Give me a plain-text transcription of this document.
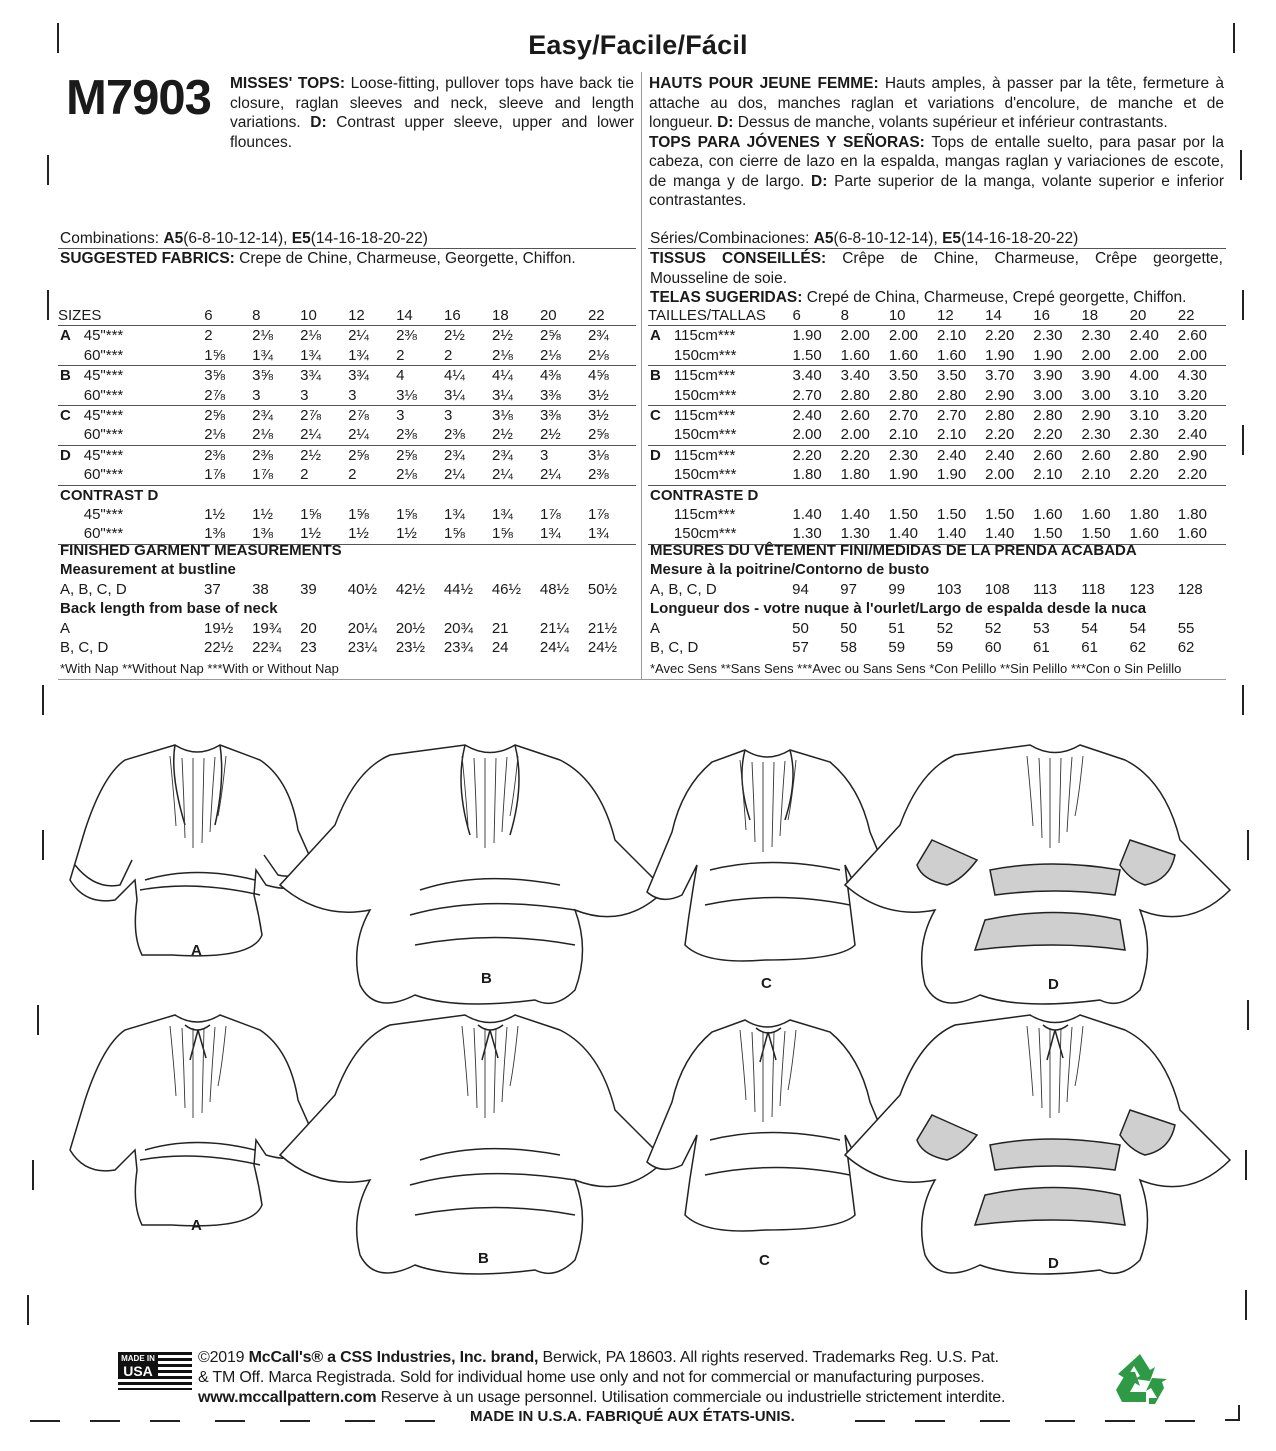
Easy/Facile/Fácil
M7903 MISSES' TOPS: Loose-fitting, pullover tops have back tie closure, raglan sleeves and neck, sleeve and length variations. D: Contrast upper sleeve, upper and lower flounces.
HAUTS POUR JEUNE FEMME: Hauts amples, à passer par la tête, fermeture à attache au dos, manches raglan et variations d'encolure, de manche et de longueur. D: Dessus de manche, volants supérieur et inférieur contrastants.
TOPS PARA JÓVENES Y SEÑORAS: Tops de entalle suelto, para pasar por la cabeza, con cierre de lazo en la espalda, mangas raglan y variaciones de escote, de manga y de largo. D: Parte superior de la manga, volante superior e inferior contrastantes.
Combinations: A5(6-8-10-12-14), E5(14-16-18-20-22)
SUGGESTED FABRICS: Crepe de Chine, Charmeuse, Georgette, Chiffon.
Séries/Combinaciones: A5(6-8-10-12-14), E5(14-16-18-20-22)
TISSUS CONSEILLÉS: Crêpe de Chine, Charmeuse, Crêpe georgette, Mousseline de soie.
TELAS SUGERIDAS: Crepé de China, Charmeuse, Crepé georgette, Chiffon.
SIZES		6	8	10	12	14	16	18	20	22
A	45"***	2	2⅛	2⅛	2¼	2⅜	2½	2½	2⅝	2¾
	60"***	1⅝	1¾	1¾	1¾	2	2	2⅛	2⅛	2⅛
B	45"***	3⅝	3⅝	3¾	3¾	4	4¼	4¼	4⅜	4⅝
	60"***	2⅞	3	3	3	3⅛	3¼	3¼	3⅜	3½
C	45"***	2⅝	2¾	2⅞	2⅞	3	3	3⅛	3⅜	3½
	60"***	2⅛	2⅛	2¼	2¼	2⅜	2⅜	2½	2½	2⅝
D	45"***	2⅜	2⅜	2½	2⅝	2⅝	2¾	2¾	3	3⅛
	60"***	1⅞	1⅞	2	2	2⅛	2¼	2¼	2¼	2⅜
CONTRAST D										
	45"***	1½	1½	1⅝	1⅝	1⅝	1¾	1¾	1⅞	1⅞
	60"***	1⅜	1⅜	1½	1½	1½	1⅝	1⅝	1¾	1¾
TAILLES/TALLAS		6	8	10	12	14	16	18	20	22
A	115cm***	1.90	2.00	2.00	2.10	2.20	2.30	2.30	2.40	2.60
	150cm***	1.50	1.60	1.60	1.60	1.90	1.90	2.00	2.00	2.00
B	115cm***	3.40	3.40	3.50	3.50	3.70	3.90	3.90	4.00	4.30
	150cm***	2.70	2.80	2.80	2.80	2.90	3.00	3.00	3.10	3.20
C	115cm***	2.40	2.60	2.70	2.70	2.80	2.80	2.90	3.10	3.20
	150cm***	2.00	2.00	2.10	2.10	2.20	2.20	2.30	2.30	2.40
D	115cm***	2.20	2.20	2.30	2.40	2.40	2.60	2.60	2.80	2.90
	150cm***	1.80	1.80	1.90	1.90	2.00	2.10	2.10	2.20	2.20
CONTRASTE D										
	115cm***	1.40	1.40	1.50	1.50	1.50	1.60	1.60	1.80	1.80
	150cm***	1.30	1.30	1.40	1.40	1.40	1.50	1.50	1.60	1.60
FINISHED GARMENT MEASUREMENTS									
Measurement at bustline									
A, B, C, D	37	38	39	40½	42½	44½	46½	48½	50½
Back length from base of neck									
A	19½	19¾	20	20¼	20½	20¾	21	21¼	21½
B, C, D	22½	22¾	23	23¼	23½	23¾	24	24¼	24½
MESURES DU VÊTEMENT FINI/MEDIDAS DE LA PRENDA ACABADA									
Mesure à la poitrine/Contorno de busto									
A, B, C, D	94	97	99	103	108	113	118	123	128
Longueur dos - votre nuque à l'ourlet/Largo de espalda desde la nuca									
A	50	50	51	52	52	53	54	54	55
B, C, D	57	58	59	59	60	61	61	62	62
*With Nap **Without Nap ***With or Without Nap	*Avec Sens **Sans Sens ***Avec ou Sans Sens *Con Pelillo **Sin Pelillo ***Con o Sin Pelillo
A
B	C	D
A
B	C	D
MADE IN
USA
©2019 McCall's® a CSS Industries, Inc. brand, Berwick, PA 18603. All rights reserved. Trademarks Reg. U.S. Pat.
& TM Off. Marca Registrada. Sold for individual home use only and not for commercial or manufacturing purposes.
www.mccallpattern.com Reserve à un usage personnel. Utilisation commerciale ou industrielle strictement interdite.
MADE IN U.S.A. FABRIQUÉ AUX ÉTATS-UNIS.
